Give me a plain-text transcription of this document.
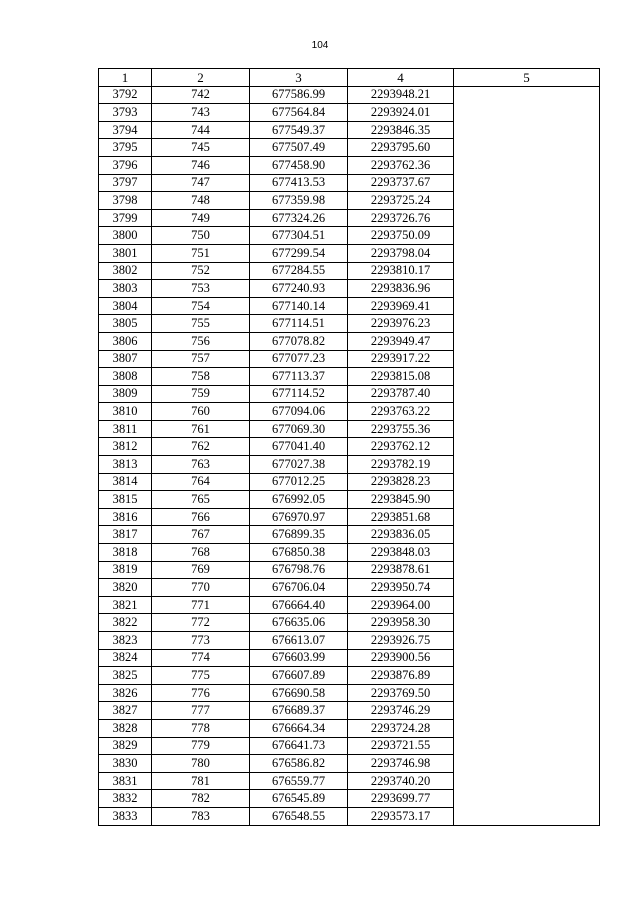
104
1	2	3	4	5
3792	742	677586.99	2293948.21	
3793	743	677564.84	2293924.01	
3794	744	677549.37	2293846.35	
3795	745	677507.49	2293795.60	
3796	746	677458.90	2293762.36	
3797	747	677413.53	2293737.67	
3798	748	677359.98	2293725.24	
3799	749	677324.26	2293726.76	
3800	750	677304.51	2293750.09	
3801	751	677299.54	2293798.04	
3802	752	677284.55	2293810.17	
3803	753	677240.93	2293836.96	
3804	754	677140.14	2293969.41	
3805	755	677114.51	2293976.23	
3806	756	677078.82	2293949.47	
3807	757	677077.23	2293917.22	
3808	758	677113.37	2293815.08	
3809	759	677114.52	2293787.40	
3810	760	677094.06	2293763.22	
3811	761	677069.30	2293755.36	
3812	762	677041.40	2293762.12	
3813	763	677027.38	2293782.19	
3814	764	677012.25	2293828.23	
3815	765	676992.05	2293845.90	
3816	766	676970.97	2293851.68	
3817	767	676899.35	2293836.05	
3818	768	676850.38	2293848.03	
3819	769	676798.76	2293878.61	
3820	770	676706.04	2293950.74	
3821	771	676664.40	2293964.00	
3822	772	676635.06	2293958.30	
3823	773	676613.07	2293926.75	
3824	774	676603.99	2293900.56	
3825	775	676607.89	2293876.89	
3826	776	676690.58	2293769.50	
3827	777	676689.37	2293746.29	
3828	778	676664.34	2293724.28	
3829	779	676641.73	2293721.55	
3830	780	676586.82	2293746.98	
3831	781	676559.77	2293740.20	
3832	782	676545.89	2293699.77	
3833	783	676548.55	2293573.17	
